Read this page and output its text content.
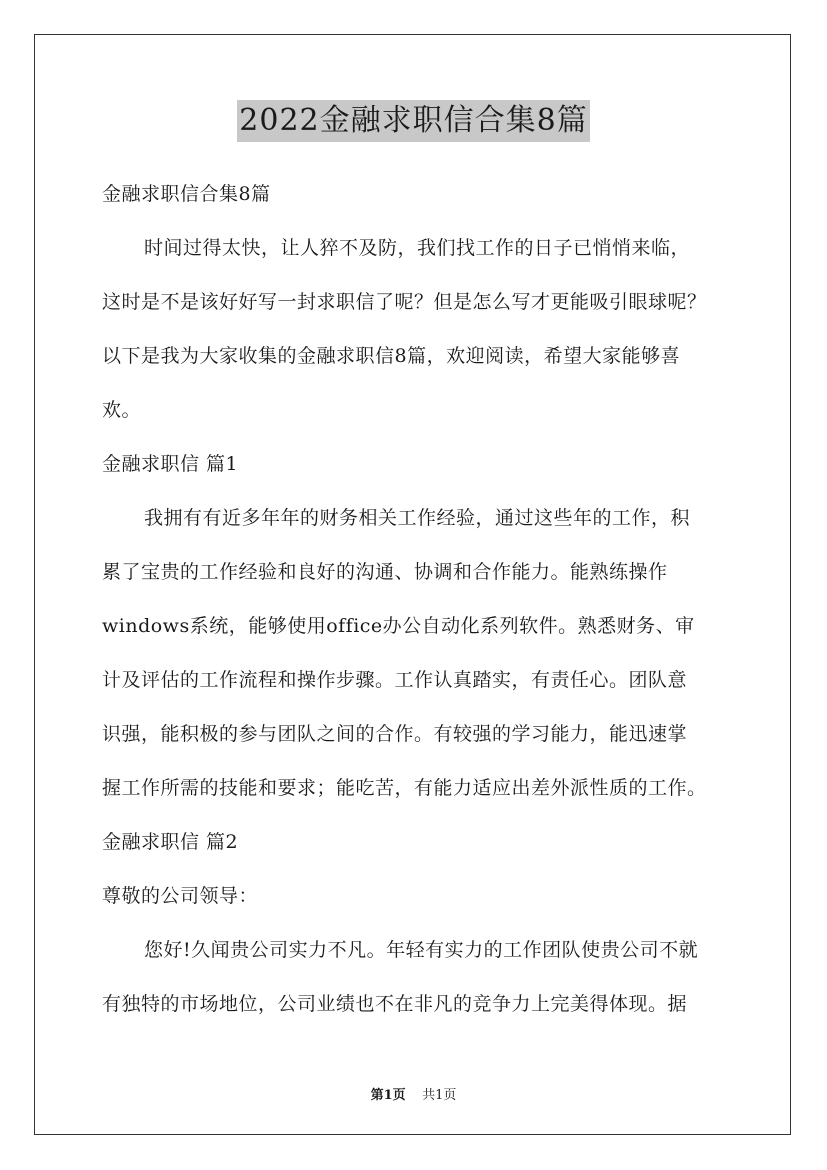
2022金融求职信合集8篇
金融求职信合集8篇
时间过得太快，让人猝不及防，我们找工作的日子已悄悄来临，
这时是不是该好好写一封求职信了呢？但是怎么写才更能吸引眼球呢？
以下是我为大家收集的金融求职信8篇，欢迎阅读，希望大家能够喜
欢。
金融求职信 篇1
我拥有有近多年年的财务相关工作经验，通过这些年的工作，积
累了宝贵的工作经验和良好的沟通、协调和合作能力。能熟练操作
windows系统，能够使用office办公自动化系列软件。熟悉财务、审
计及评估的工作流程和操作步骤。工作认真踏实，有责任心。团队意
识强，能积极的参与团队之间的合作。有较强的学习能力，能迅速掌
握工作所需的技能和要求；能吃苦，有能力适应出差外派性质的工作。
金融求职信 篇2
尊敬的公司领导：
您好!久闻贵公司实力不凡。年轻有实力的工作团队使贵公司不就
有独特的市场地位，公司业绩也不在非凡的竞争力上完美得体现。据
第1页 共1页
